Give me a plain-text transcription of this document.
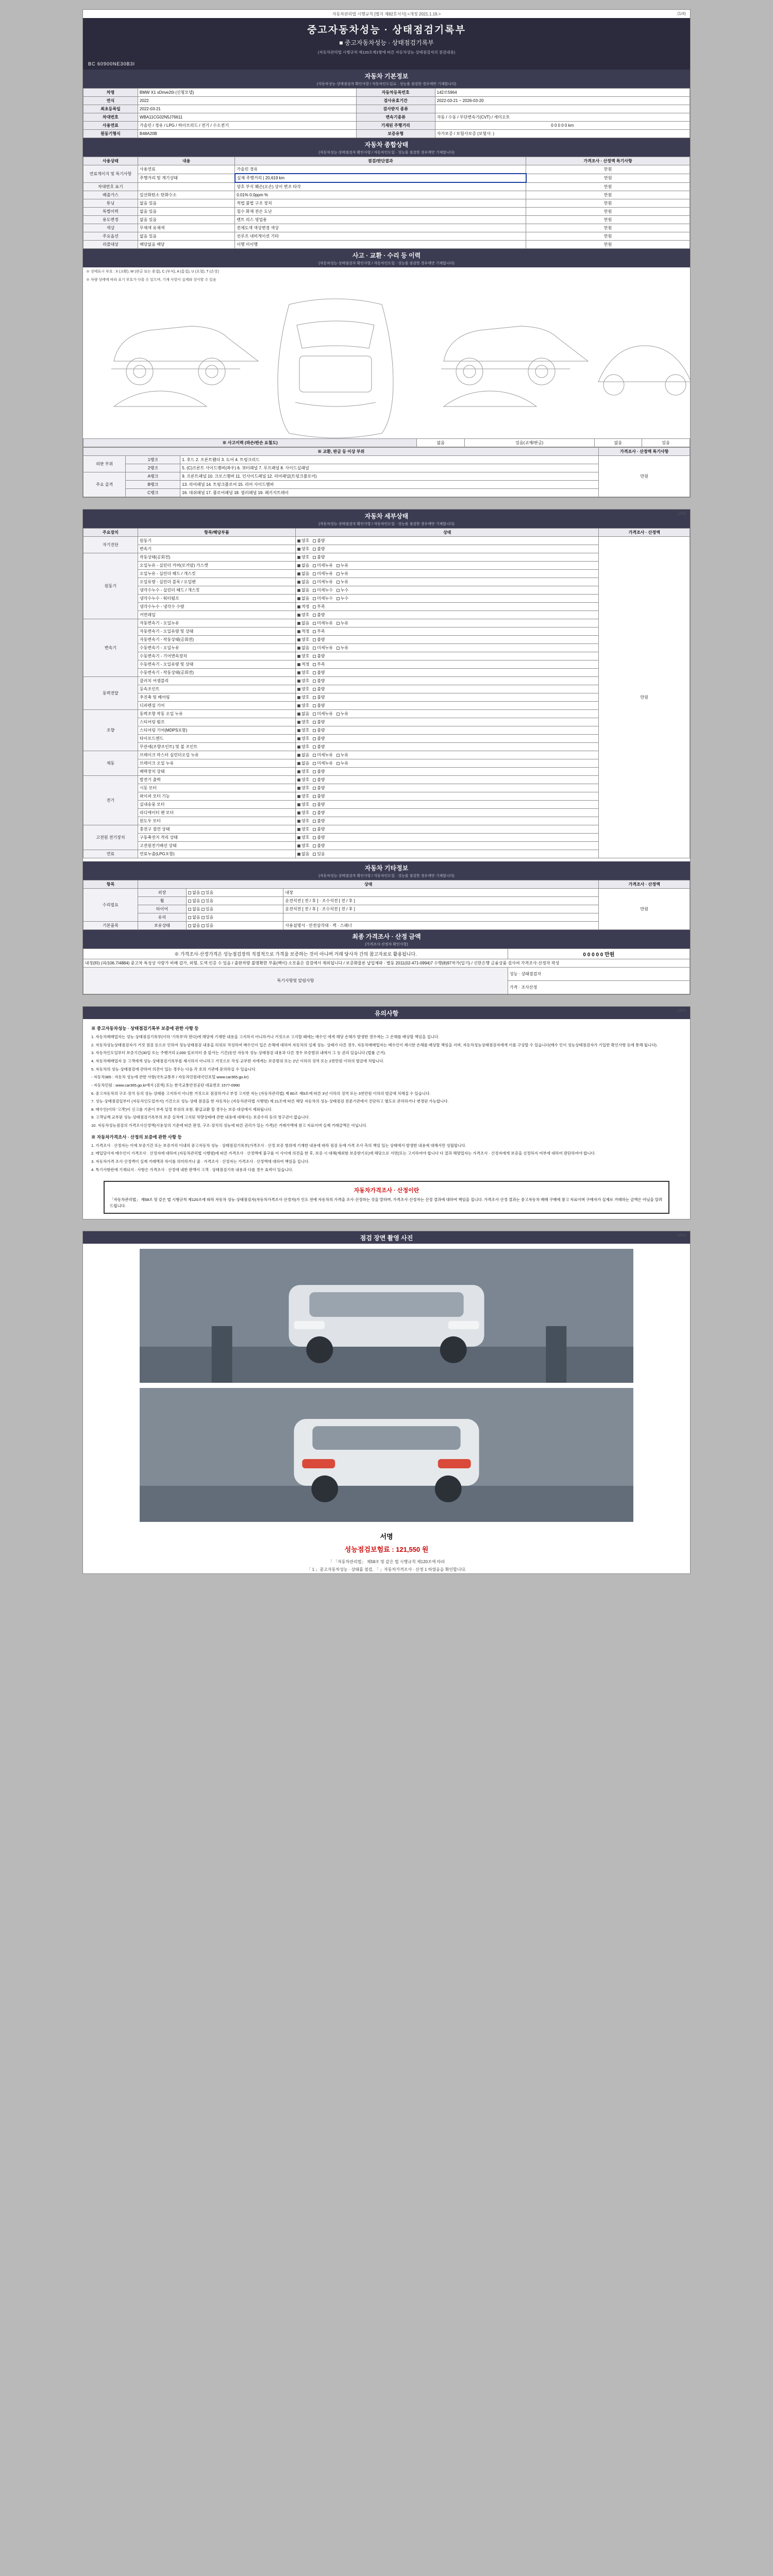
(1/4)
자동차관리법 시행규칙 [별지 제82호서식] <개정 2021.1.19.>
중고자동차성능 · 상태점검기록부
■ 중고자동차성능 · 상태점검기록부
(자동차관리법 시행규칙 제120조제1항에 따른 자동차성능·상태점검자의 점검내용)
BC 60900NE30B3I
자동차 기본정보
(자동차성능·상태점검자 확인사항 / 자동차인도일로 · 성능을 점검한 경우에만 기재합니다)
차명	BMW X1 xDrive20i (신형모델)	자동차등록번호	142로5964
연식	2022	검사유효기간	2022-03-21 ~ 2026-03-20
최초등록일	2022-03-21	검사받지 종류	
차대번호	WBA11CG02N5J76611	변속기종류	자동 / 수동 / 무단변속기(CVT) / 세미오토
사용연료	가솔린 / 경유 / LPG / 하이브리드 / 전기 / 수소전기	기재된 주행거리	0 0 0 0 0 km
원동기형식	B48A20B	보증유형	자가보증 / 보험사보증 (보험사: )
자동차 종합상태
(자동차성능·상태점검자 확인사항 / 자동차인도일 · 성능을 점검한 경우에만 기재합니다)
사용상태	내용	점검/판단결과	가격조사 · 산정액 특기사항
연료게이지 및 특기사항	사용연료	가솔린 경유	만원
	주행거리 및 계기상태	실제 주행거리 | 20,619 km	만원
차대번호 표기		양호 부식 훼손(오손) 상이 변조 타각	만원
배출가스	일산화탄소 탄화수소	0.01% 0.0ppm %	만원
튜닝	없음 있음	적법 불법 구조 장치	만원
특별이력	없음 있음	침수 화재 전손 도난	만원
용도변경	없음 있음	렌트 리스 영업용	만원
색상	무채색 유채색	전체도색 색상변경 색상	만원
주요옵션	없음 있음	선루프 내비게이션 기타	만원
리콜대상	해당없음 해당	이행 미이행	만원
사고 · 교환 · 수리 등 이력
(자동차성능·상태점검자 확인사항 / 자동차인도일 · 성능을 점검한 경우에만 기재합니다)
※ 상태표시 부호 : X (교환), W (판금 또는 용접), C (부식), A (흠집), U (요철), T (손상)
※ 차량 상태에 따라 표기 부호가 다를 수 있으며, 기재 사항이 실제와 상이할 수 있음
※ 사고이력 (파손/판손 요철도)	없음	있음(교체/판금)	없음	있음
※ 교환, 판금 등 이상 부위			가격조사 · 산정액 특기사항
외판 부위	1랭크	1. 후드 2. 프론트휀더 3. 도어 4. 트렁크리드	만원
	2랭크	5. (C)프론트 사이드멤버(좌우) 6. 쿼터패널 7. 루프패널 8. 사이드실패널	
주요 골격	A랭크	9. 프론트패널 10. 크로스멤버 11. 인사이드패널 12. 리어패널(트렁크플로어)	
	B랭크	13. 리어패널 14. 트렁크플로어 15. 리어 사이드멤버	
	C랭크	16. 대쉬패널 17. 플로어패널 18. 필러패널 19. 패키지트레이	
(2/4)
자동차 세부상태
(자동차성능·상태점검자 확인사항 / 자동차인도일 · 성능을 점검한 경우에만 기재합니다)
주요장치	항목/해당부품	상태	가격조사 · 산정액
자기진단	원동기	양호 불량	만원
	변속기	양호 불량	
원동기	작동상태(공회전)	양호 불량	
	오일누유 - 실린더 커버(로커암) 가스켓	없음 미세누유 누유	
	오일누유 - 실린더 헤드 / 개스킷	없음 미세누유 누유	
	오일유량 - 실린더 블록 / 오일팬	없음 미세누유 누유	
	냉각수누수 - 실린더 헤드 / 개스킷	없음 미세누수 누수	
	냉각수누수 - 워터펌프	없음 미세누수 누수	
	냉각수누수 - 냉각수 수량	적정 부족	
	커먼레일	양호 불량	
변속기	자동변속기 - 오일누유	없음 미세누유 누유	
	자동변속기 - 오일유량 및 상태	적정 부족	
	자동변속기 - 작동상태(공회전)	양호 불량	
	수동변속기 - 오일누유	없음 미세누유 누유	
	수동변속기 - 기어변속장치	양호 불량	
	수동변속기 - 오일유량 및 상태	적정 부족	
	수동변속기 - 작동상태(공회전)	양호 불량	
동력전달	클러치 어셈블리	양호 불량	
	등속조인트	양호 불량	
	추진축 및 베어링	양호 불량	
	디퍼렌셜 기어	양호 불량	
조향	동력조향 작동 오일 누유	없음 미세누유 누유	
	스티어링 펌프	양호 불량	
	스티어링 기어(MDPS포함)	양호 불량	
	타이로드엔드	양호 불량	
	무관세(조향조인트) 및 볼 조인트	양호 불량	
제동	브레이크 마스터 실린더오일 누유	없음 미세누유 누유	
	브레이크 오일 누유	없음 미세누유 누유	
	배력장치 상태	양호 불량	
전기	발전기 출력	양호 불량	
	시동 모터	양호 불량	
	와이퍼 모터 기능	양호 불량	
	실내송풍 모터	양호 불량	
	라디에이터 팬 모터	양호 불량	
	윈도우 모터	양호 불량	
고전원 전기장치	충전구 절연 상태	양호 불량	
	구동축전지 격리 상태	양호 불량	
	고전원전기배선 상태	양호 불량	
연료	연료누출(LPG포함)	없음 있음	
자동차 기타정보
(자동차성능·상태점검자 확인사항 / 자동차인도일 · 성능을 점검한 경우에만 기재합니다)
항목	상태			가격조사 · 산정액
수리필요	외장	없음 있음	내장	만원
	휠	없음 있음	운전석전 [ 전 / 후 ] · 조수석전 [ 전 / 후 ]	
	타이어	없음 있음	운전석전 [ 전 / 후 ] · 조수석전 [ 전 / 후 ]	
	유리	없음 있음		
기본품목	보유상태	없음 있음	사용설명서 · 안전삼각대 · 잭 · 스패너	
최종 가격조사 · 산정 금액
(가격조사·산정자 확인사항)
※ 가격조사·산정가격은 성능점검장의 직접적으로 가격을 보증하는 것이 아니며 거래 당사자 간의 참고자료로 활용됩니다.	0 0 0 0 0 만원
내정(時) (피/106.7/4884) 중고차 특성상 사람가 비해 감가, 외형, 도색 인증 수 있음 / 출판차량 불명확한 부품(백이) 소모품은 검검에서 제외됩니다 / 보증화물론 납입체와 · 별동 2011(02-471-0994)7 수행(8)97차가(일기) / 신한은행 금융상품 검사여 가격조사·산정자 작성	
특기사항및 알림사항	성능 · 상태점검자
	가격 · 조사산정
(3/4)
유의사항
※ 중고자동차성능 · 상태점검기록부 보증에 관한 사항 등

1. 자동차매매업자는 성능·상태점검기록부(이하 '기록부'라 한다)에 해당에 기재한 내용을 고지하지 아니하거나 거짓으로 고지할 때에는 매수인 에게 해당 손해가 발생한 경우에는 그 손해를 배상할 책임을 집니다.

2. 자동차성능상태점검자가 거짓 점검 등으로 인하여 성능상태점검 내용을 허위로 작성하여 매수인이 입은 손해에 대하여 자동차의 실제 성능· 상태가 다른 경우, 자동차매매업자는 매수인이 제시한 손해를 배상할 책임을 지며, 자동차성능상태점검자에게 이를 구상할 수 있습니다(매수 인이 성능상태점검자가 기입한 확인사항 등에 통해 됩니다).

3. 자동차인도일부터 보증기간(30일 또는 주행거리 2,000 킬로미터 중 앞서는 기간)동안 자동차 성능·상태점검 내용과 다른 경우 보증범위 내에서 그 등 권리 있습니다 (법률 근거).

4. 자동차매매업자 등 고객에게 성능·상태점검기록부를 제시하지 아니하고 거짓으로 작성·교부한 자에게는 보증범위 또는 2년 이하의 징역 또는 2천만원 이하의 벌금에 처합니다.

5. 자동차의 성능·상태점검에 관하여 의견이 있는 경우는 다음 각 호의 기관에 문의하실 수 있습니다.

- 자동차365 : 자동차 성능에 관한 사항(국토교통부 / 자동차민원대국민포털 www.car365.go.kr)

- 자동차민원 : www.car365.go.kr에서 (검색) 또는 한국교통안전공단 대표번호 1577-0990

6. 중고자동차의 구조·장치 등의 성능·상태를 고지하지 아니한 거짓으로 점검하거나 부정 고지한 자는 (자동차관리법) 제 80조 제9호에 따른 3년 이하의 징역 또는 3천만원 이하의 벌금에 처해질 수 있습니다.

7. 성능·상태점검일부터 (자동차인도일까지) 기간으로 성능·상태 점검을 한 자동차는 (자동차관리법 시행령) 제 21조에 따른 해당 자동차의 성능·상태점검 전문기관에서 진단하고 별도로 관리하거나 변경된 가능합니다.

8. 매수인(이하 '고객')이 신고를 기준이 부족 일정 부위의 포함, 환급교환 할 경우는 보증 대상에서 제외됩니다.

9. 고객님께 교부된 성능·상태점검기록부의 보증 실적에 고지된 차량상태에 관한 내용에 대해서는 보증수리 등의 청구권이 없습니다.

10. 자동차성능점검의 가격조사산정액(사용상의 기준에 따른 판정, 구조·장치의 성능에 따른 권리가 있는 가격)은 거래가액에 참고 자료이며 실제 거래금액은 아닙니다.

※ 자동차가격조사 · 산정의 보증에 관한 사항 등

1. 가격조사 · 산정자는 이에 보증기간 또는 보증거리 이내의 중고자동차 성능 · 상태점검기록부(가격조사 · 산정 보증 범위에 기재한 내용에 따라 점검 등에 가격 조사 측의 책임 있는 상태에서 발생한 내용에 대해서만 성립합니다.

2. 매입당사자 매수인이 가격조사 · 산정자에 대하여 (자동차관리법 시행령)에 따른 가격조사 · 산정액에 불구를 이 사이에 의견을 한 후, 보증 시 대해(제외함 보증받기로)에 해당으로 서면(또는 고지하여야 합니다 다 결과 해명업자는 가격조사 · 산정자에게 보증을 선정하지 여부에 대하여 판단하여야 합니다.

3. 자동차가격 조사·산정액이 실제 거래액과 차이를 의미하거나 줄 · 가격조사 · 산정자는 가격조사 · 산정액에 대하여 책임을 집니다.

4. 특기사항란에 기재되지 · 사항은 가격조사 · 산정에 내한 판액이 고객 · 상태점검기록 내용과 다를 경우 효력이 있습니다.

자동차가격조사 · 산정이란
「자동차관리법」 제58조 및 같은 법 시행규칙 제120조에 따라 자동차 성능·상태점검자(자동차가격조사·산정자)가 인도 전에 자동차의 가격을 조사·산정하는 것을 말하며, 가격조사·산정자는 산정 결과에 대하여 책임을 집니다. 가격조사·산정 결과는 중고자동차 매매 구매에 참고 자료이며 구매자가 실제로 거래하는 금액은 아님을 알려드립니다.
(4/4)
점검 장면 촬영 사진
서명
성능점검보험료 : 121,550 원
「 「자동차관리법」 제58조 및 같은 법 시행규칙 제120조에 따라
「 1 」중고자동차성능 · 상태를 점검, 「 」자동차가격조사 · 산정 1 하였음을 확인합니다.
